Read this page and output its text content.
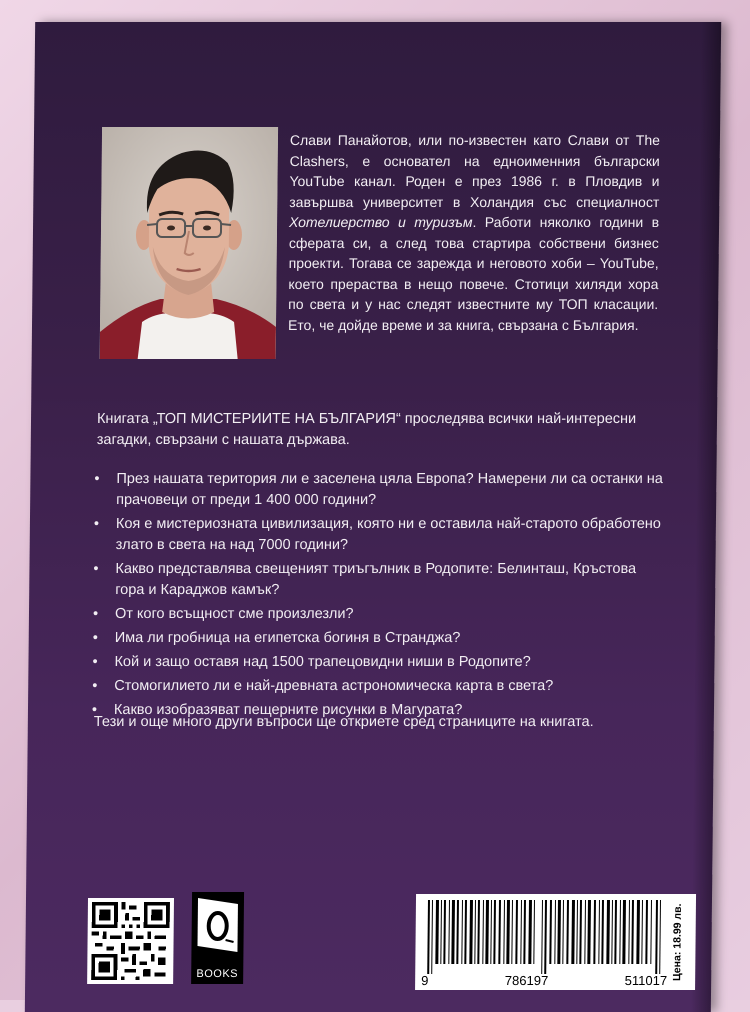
Слави Панайотов, или по-известен като Слави от The Clashers, е основател на едноименния български YouTube канал. Роден е през 1986 г. в Пловдив и завършва университет в Холандия със специалност Хотелиерство и туризъм. Работи няколко години в сферата си, а след това стартира собствени бизнес проекти. Тогава се зарежда и неговото хоби – YouTube, което прераства в нещо повече. Стотици хиляди хора по света и у нас следят известните му ТОП класации. Ето, че дойде време и за книга, свързана с България.
Книгата „ТОП МИСТЕРИИТЕ НА БЪЛГАРИЯ“ проследява всички най-интересни загадки, свързани с нашата държава.
• През нашата територия ли е заселена цяла Европа? Намерени ли са останки на прачовеци от преди 1 400 000 години?
• Коя е мистериозната цивилизация, която ни е оставила най-старото обработено злато в света на над 7000 години?
• Какво представлява свещеният триъгълник в Родопите: Белинташ, Кръстова гора и Караджов камък?
• От кого всъщност сме произлезли?
• Има ли гробница на египетска богиня в Странджа?
• Кой и защо оставя над 1500 трапецовидни ниши в Родопите?
• Стомогилието ли е най-древната астрономическа карта в света?
• Какво изобразяват пещерните рисунки в Магурата?
Тези и още много други въпроси ще откриете сред страниците на книгата.
BOOKS	9	786197	511017 Цена: 18.99 лв.
